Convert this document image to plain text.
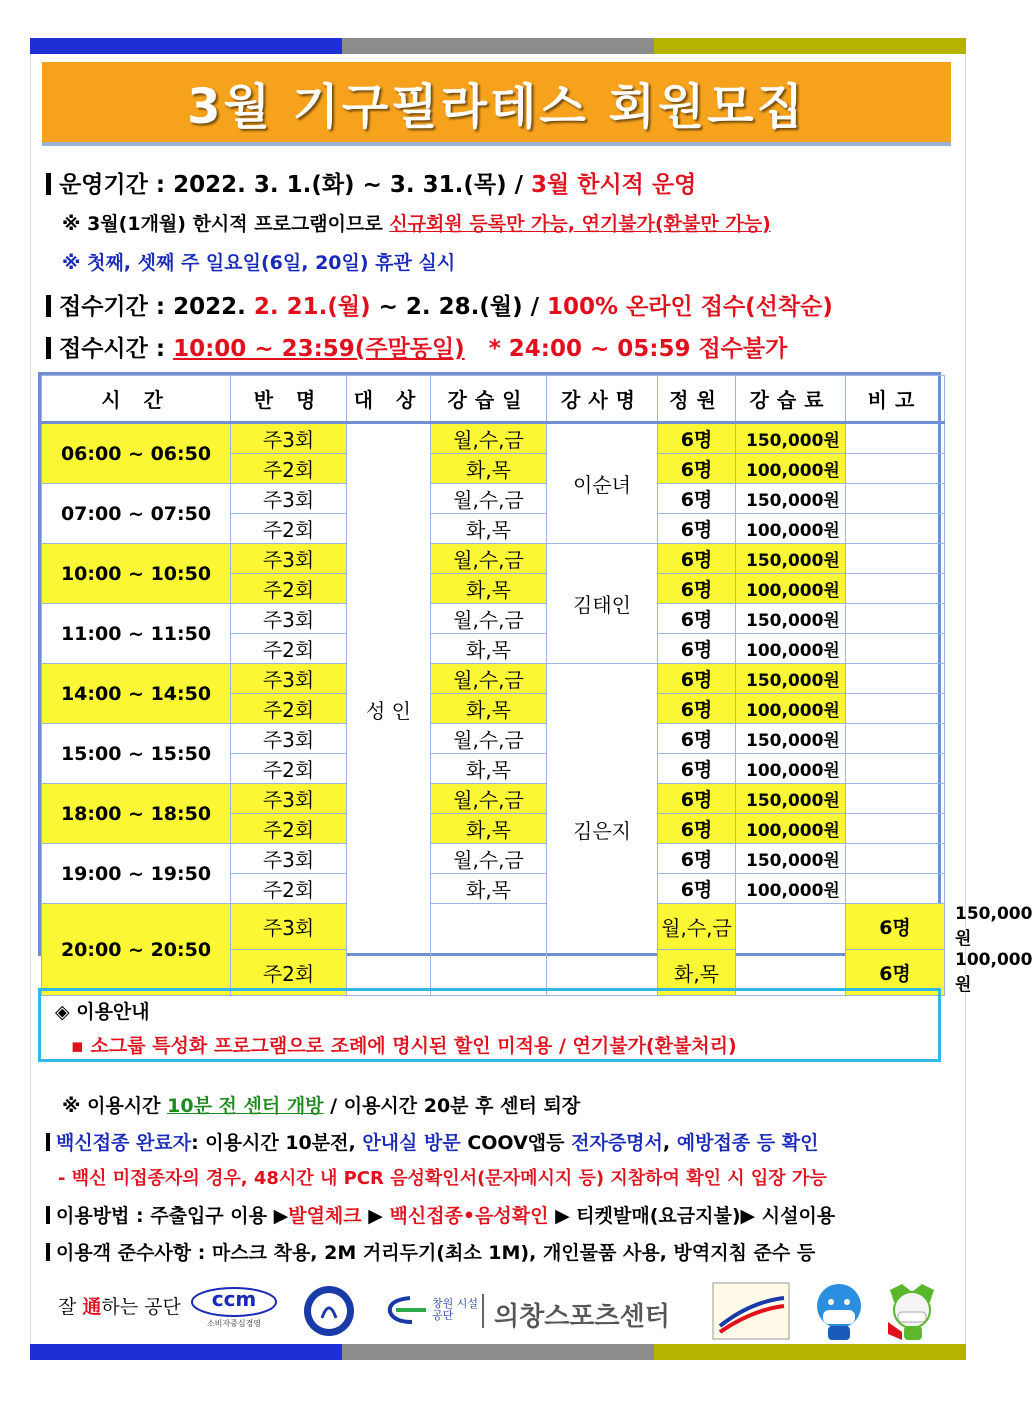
3월 기구필라테스 회원모집
운영기간 : 2022. 3. 1.(화) ~ 3. 31.(목) / 3월 한시적 운영
※ 3월(1개월) 한시적 프로그램이므로 신규회원 등록만 가능, 연기불가(환불만 가능)
※ 첫째, 셋째 주 일요일(6일, 20일) 휴관 실시
접수기간 : 2022. 2. 21.(월) ~ 2. 28.(월) / 100% 온라인 접수(선착순)
접수시간 : 10:00 ~ 23:59(주말동일) * 24:00 ~ 05:59 접수불가
시 간	반 명	대 상	강습일	강사명	정원	강습료	비고	
06:00 ~ 06:50	주3회	성 인	월,수,금	이순녀	6명	150,000원		
	주2회		화,목		6명	100,000원		
07:00 ~ 07:50	주3회		월,수,금		6명	150,000원		
	주2회		화,목		6명	100,000원		
10:00 ~ 10:50	주3회		월,수,금	김태인	6명	150,000원		
	주2회		화,목		6명	100,000원		
11:00 ~ 11:50	주3회		월,수,금		6명	150,000원		
	주2회		화,목		6명	100,000원		
14:00 ~ 14:50	주3회		월,수,금	김은지	6명	150,000원		
	주2회		화,목		6명	100,000원		
15:00 ~ 15:50	주3회		월,수,금		6명	150,000원		
	주2회		화,목		6명	100,000원		
18:00 ~ 18:50	주3회		월,수,금		6명	150,000원		
	주2회		화,목		6명	100,000원		
19:00 ~ 19:50	주3회		월,수,금		6명	150,000원		
	주2회		화,목		6명	100,000원		
20:00 ~ 20:50	주3회				월,수,금		6명	150,000원	
	주2회				화,목		6명	100,000원	
◈ 이용안내
▪ 소그룹 특성화 프로그램으로 조례에 명시된 할인 미적용 / 연기불가(환불처리)
※ 이용시간 10분 전 센터 개방 / 이용시간 20분 후 센터 퇴장
백신접종 완료자: 이용시간 10분전, 안내실 방문 COOV앱등 전자증명서, 예방접종 등 확인
- 백신 미접종자의 경우, 48시간 내 PCR 음성확인서(문자메시지 등) 지참하여 확인 시 입장 가능
이용방법 : 주출입구 이용 ▶발열체크 ▶ 백신접종•음성확인 ▶ 티켓발매(요금지불)▶ 시설이용
이용객 준수사항 : 마스크 착용, 2M 거리두기(최소 1M), 개인물품 사용, 방역지침 준수 등
잘 通하는 공단	ccm
소비자중심경영
창원 시설공단	의창스포츠센터
